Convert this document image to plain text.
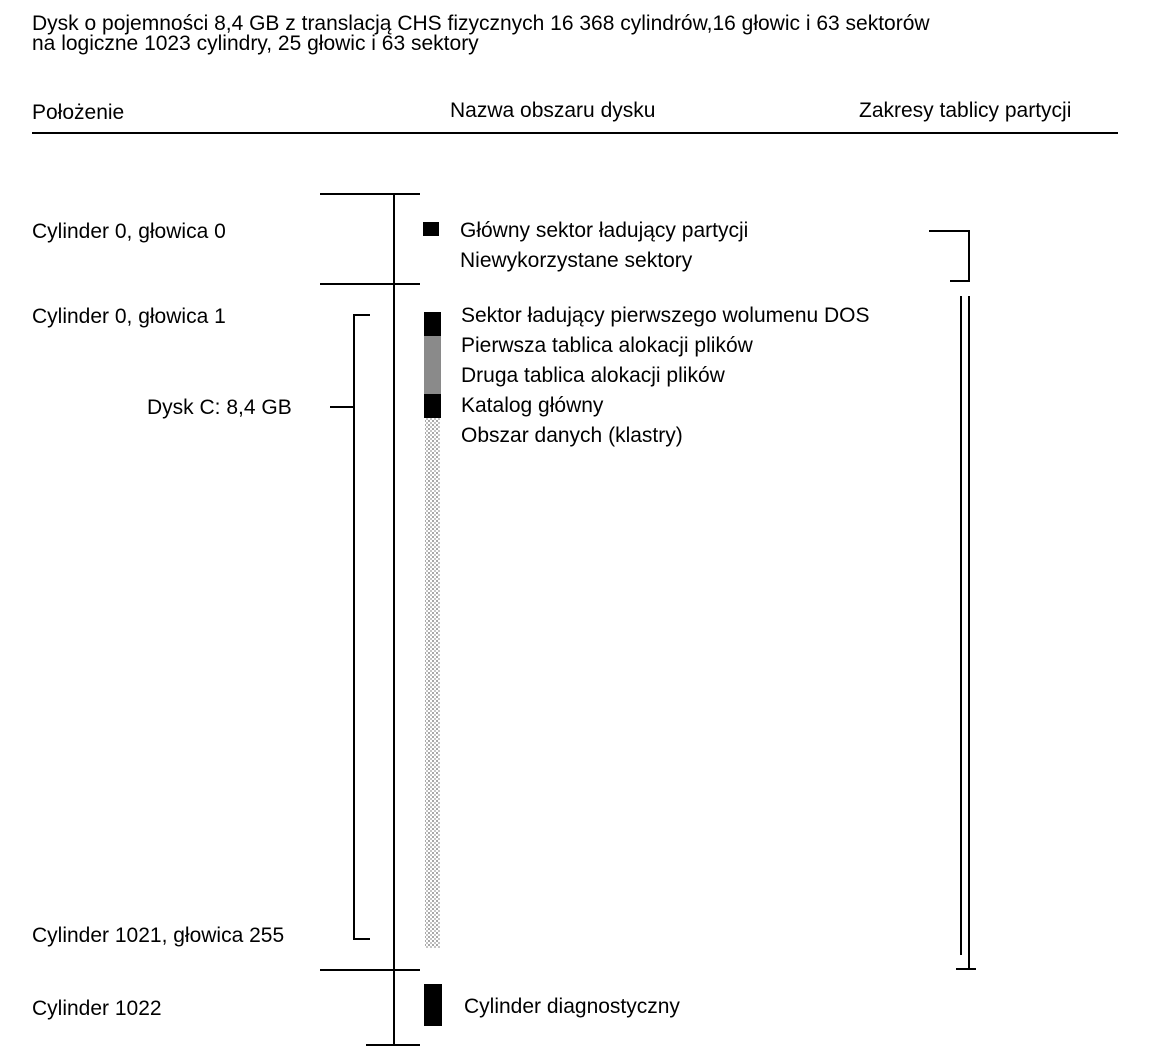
Dysk o pojemności 8,4 GB z translacją CHS fizycznych 16 368 cylindrów,16 głowic i 63 sektorów
na logiczne 1023 cylindry, 25 głowic i 63 sektory
Położenie	Nazwa obszaru dysku	Zakresy tablicy partycji
Cylinder 0, głowica 0
Cylinder 0, głowica 1
Dysk C: 8,4 GB
Cylinder 1021, głowica 255
Cylinder 1022
Główny sektor ładujący partycji
Niewykorzystane sektory
Sektor ładujący pierwszego wolumenu DOS
Pierwsza tablica alokacji plików
Druga tablica alokacji plików
Katalog główny
Obszar danych (klastry)
Cylinder diagnostyczny
